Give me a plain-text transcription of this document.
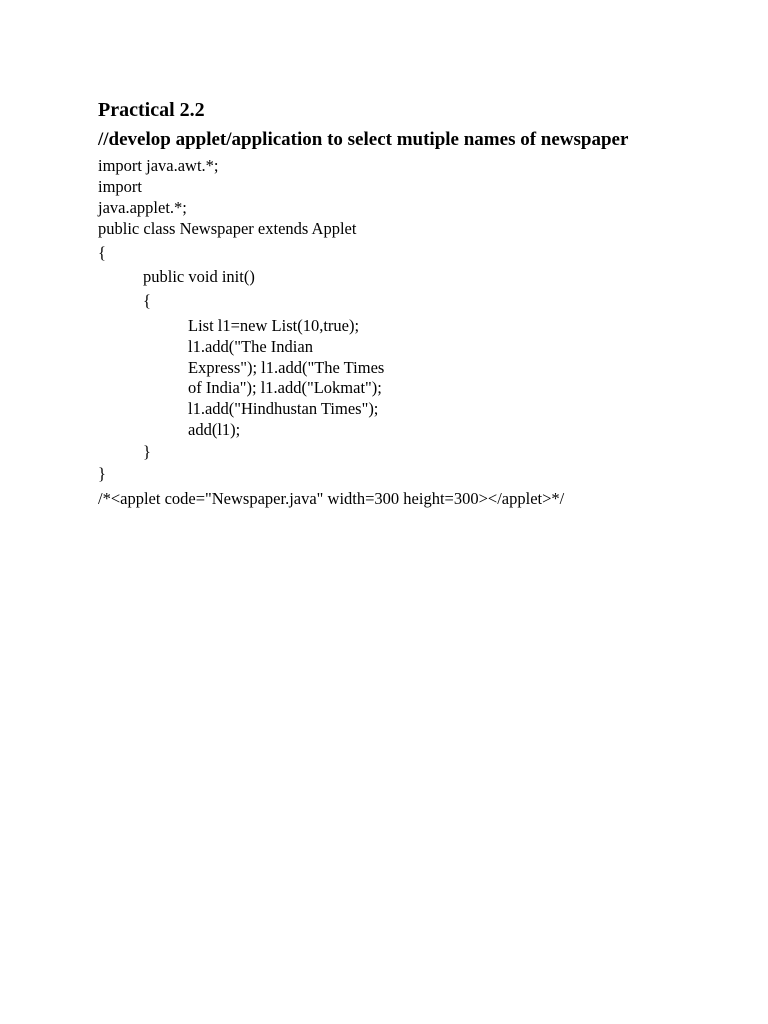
Practical 2.2
//develop applet/application to select mutiple names of newspaper
import java.awt.*;
import
java.applet.*;
public class Newspaper extends Applet
{
public void init()
{
List l1=new List(10,true);
l1.add("The Indian
Express"); l1.add("The Times
of India"); l1.add("Lokmat");
l1.add("Hindhustan Times");
add(l1);
}
}
/*<applet code="Newspaper.java" width=300 height=300></applet>*/
